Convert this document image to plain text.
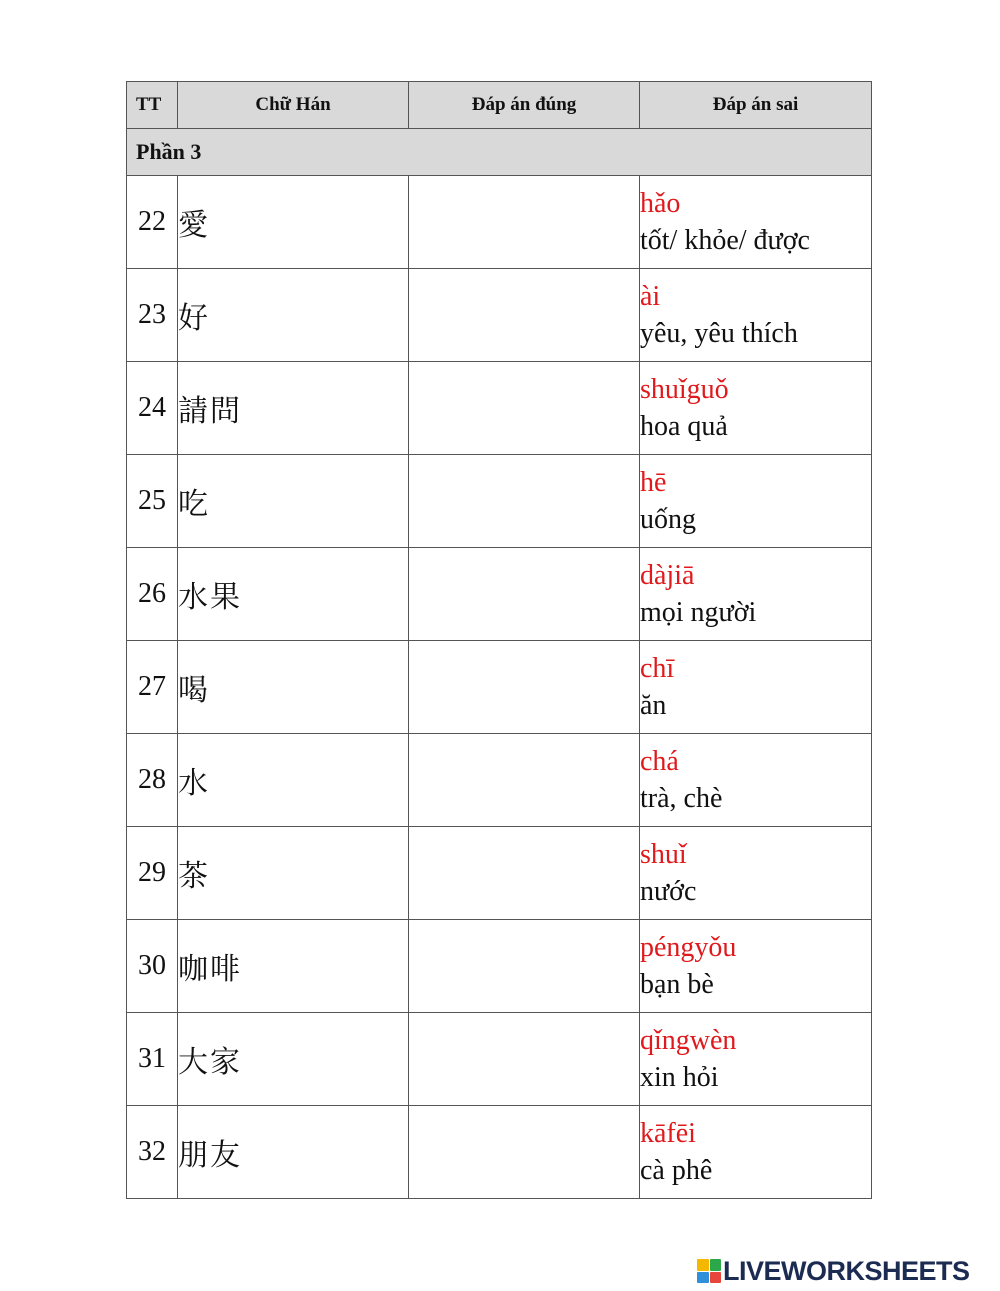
TT	Chữ Hán	Đáp án đúng	Đáp án sai
Phần 3			
22	愛		hǎo
tốt/ khỏe/ được

23	好		ài
yêu, yêu thích

24	請問		shuǐguǒ
hoa quả

25	吃		hē
uống

26	水果		dàjiā
mọi người

27	喝		chī
ăn

28	水		chá
trà, chè

29	茶		shuǐ
nước

30	咖啡		péngyǒu
bạn bè

31	大家		qǐngwèn
xin hỏi

32	朋友		kāfēi
cà phê
LIVEWORKSHEETS
